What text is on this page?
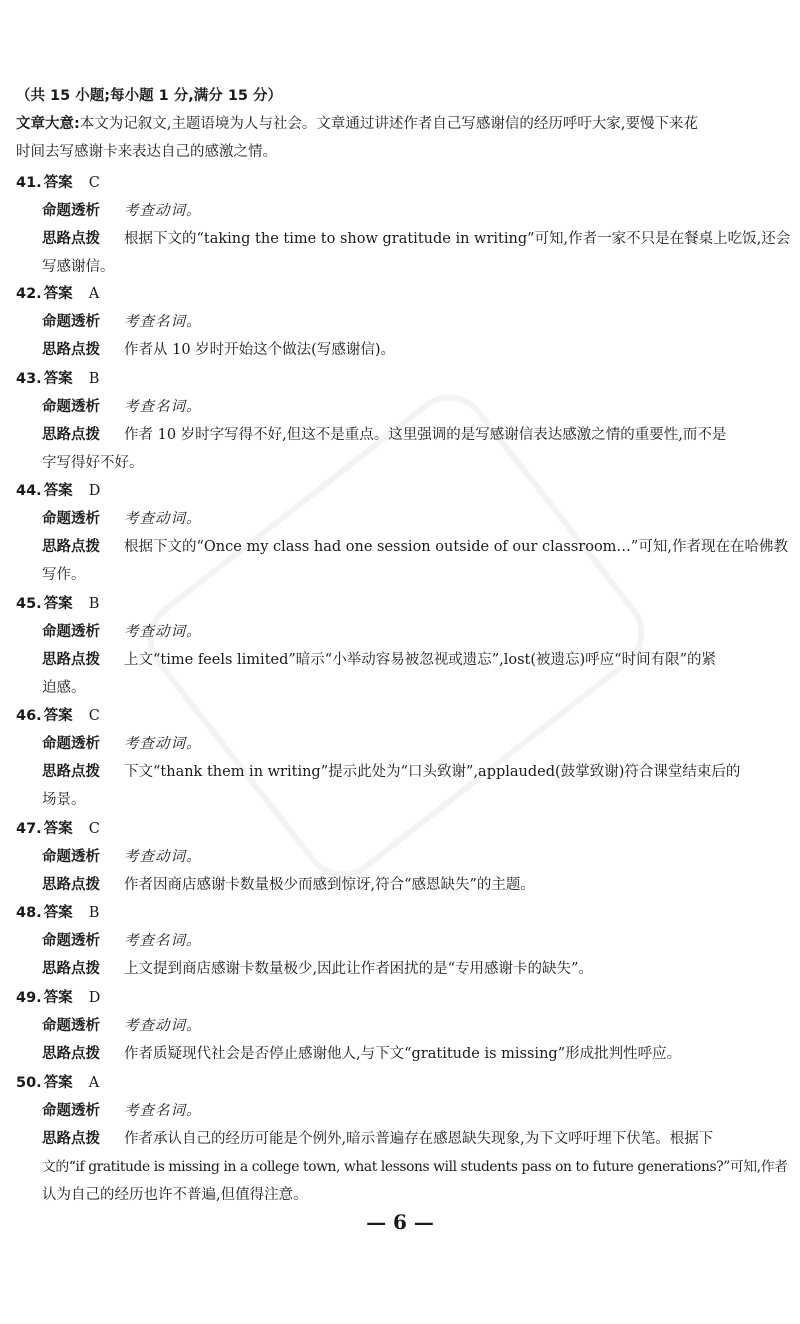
（共 15 小题;每小题 1 分,满分 15 分）
文章大意:本文为记叙文,主题语境为人与社会。文章通过讲述作者自己写感谢信的经历呼吁大家,要慢下来花
时间去写感谢卡来表达自己的感激之情。
41. 答案 C
命题透析 考查动词。
思路点拨 根据下文的“taking the time to show gratitude in writing”可知,作者一家不只是在餐桌上吃饭,还会
写感谢信。
42. 答案 A
命题透析 考查名词。
思路点拨 作者从 10 岁时开始这个做法(写感谢信)。
43. 答案 B
命题透析 考查名词。
思路点拨 作者 10 岁时字写得不好,但这不是重点。这里强调的是写感谢信表达感激之情的重要性,而不是
字写得好不好。
44. 答案 D
命题透析 考查动词。
思路点拨 根据下文的“Once my class had one session outside of our classroom…”可知,作者现在在哈佛教
写作。
45. 答案 B
命题透析 考查动词。
思路点拨 上文“time feels limited”暗示“小举动容易被忽视或遗忘”,lost(被遗忘)呼应“时间有限”的紧
迫感。
46. 答案 C
命题透析 考查动词。
思路点拨 下文“thank them in writing”提示此处为“口头致谢”,applauded(鼓掌致谢)符合课堂结束后的
场景。
47. 答案 C
命题透析 考查动词。
思路点拨 作者因商店感谢卡数量极少而感到惊讶,符合“感恩缺失”的主题。
48. 答案 B
命题透析 考查名词。
思路点拨 上文提到商店感谢卡数量极少,因此让作者困扰的是“专用感谢卡的缺失”。
49. 答案 D
命题透析 考查动词。
思路点拨 作者质疑现代社会是否停止感谢他人,与下文“gratitude is missing”形成批判性呼应。
50. 答案 A
命题透析 考查名词。
思路点拨 作者承认自己的经历可能是个例外,暗示普遍存在感恩缺失现象,为下文呼吁埋下伏笔。根据下
文的“if gratitude is missing in a college town, what lessons will students pass on to future generations?”可知,作者
认为自己的经历也许不普遍,但值得注意。
— 6 —
